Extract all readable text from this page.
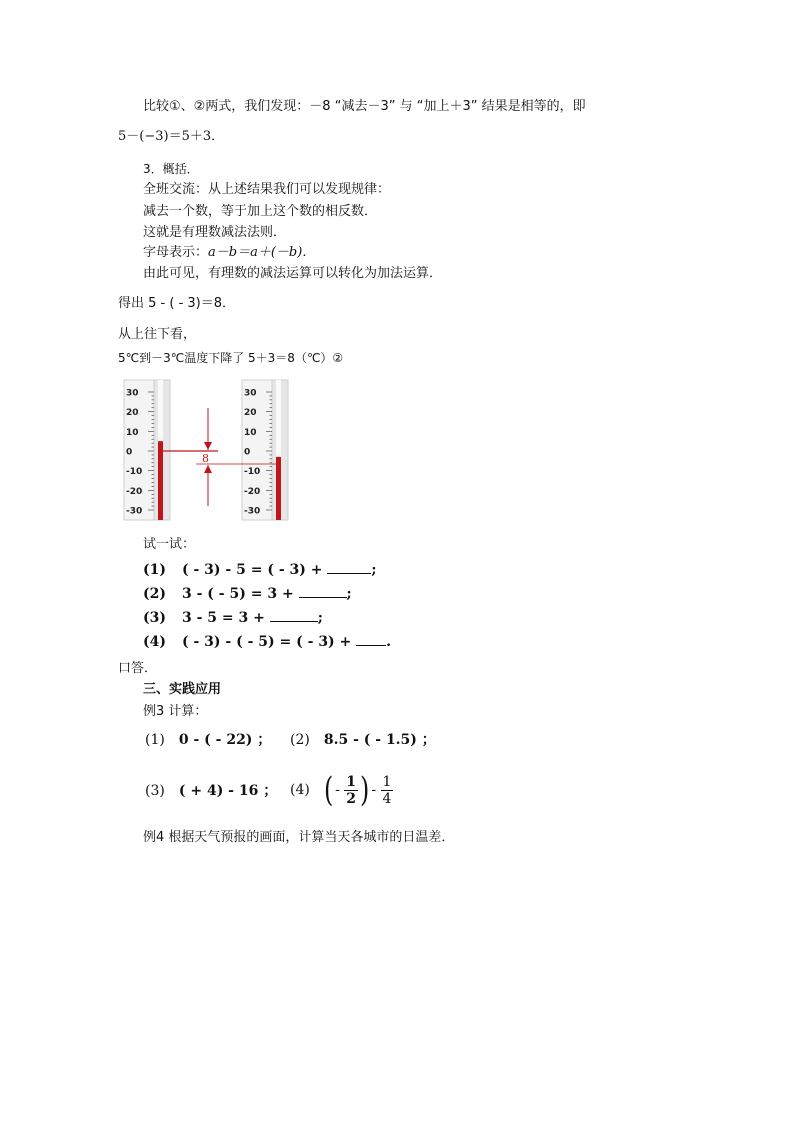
比较①、②两式，我们发现：－8 “减去－3” 与 “加上＋3” 结果是相等的，即
5－(−3)＝5＋3．
3．概括．
全班交流：从上述结果我们可以发现规律：
减去一个数，等于加上这个数的相反数．
这就是有理数减法法则．
字母表示：a－b＝a＋(－b)．
由此可见，有理数的减法运算可以转化为加法运算．
得出 5 - ( - 3)＝8．
从上往下看，
5℃到－3℃温度下降了 5＋3＝8（℃）②
30
20
10
0
-10
-20
-30
30
20
10
0
-10
-20
-30
8
试一试：
(1) ( - 3) - 5 = ( - 3) +	;
(2) 3 - ( - 5) = 3 +	;
(3) 3 - 5 = 3 +	;
(4) ( - 3) - ( - 5) = ( - 3) + .
口答．
三、实践应用
例3 计算：
(1) 0 - ( - 22) ； (2) 8.5 - ( - 1.5) ；
(3) ( + 4) - 16 ； (4) ( - $\frac{1}{2}$ ) - $\frac{1}{4}$
例4 根据天气预报的画面，计算当天各城市的日温差．
